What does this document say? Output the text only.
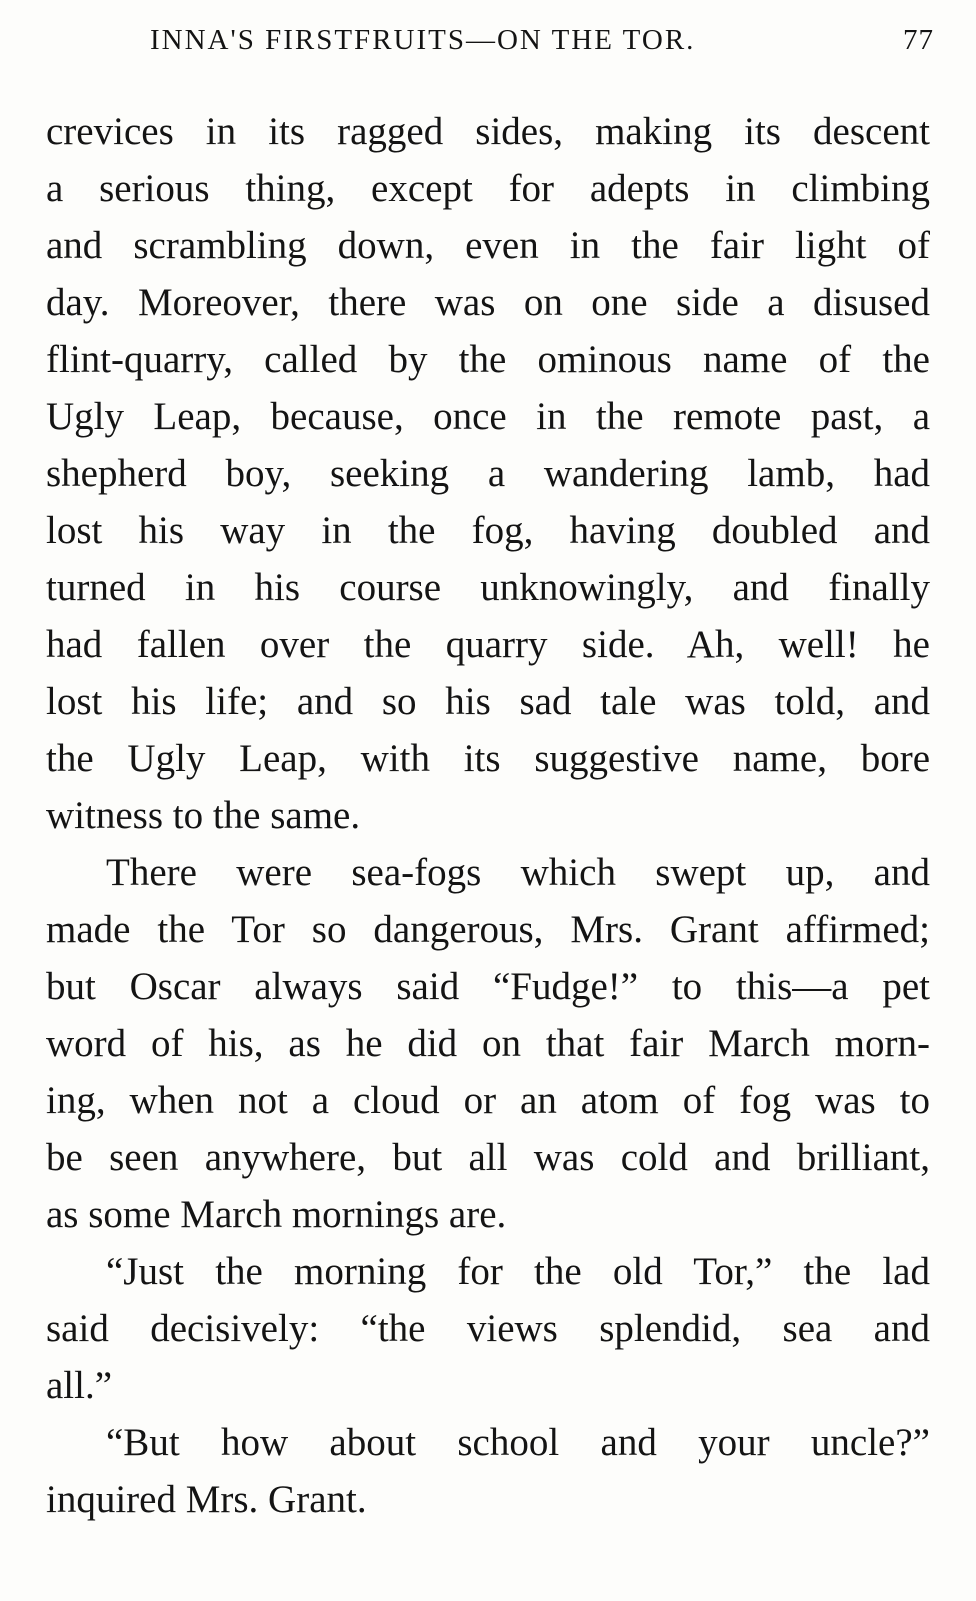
INNA'S FIRSTFRUITS—ON THE TOR.	77
crevices in its ragged sides, making its descent
a serious thing, except for adepts in climbing
and scrambling down, even in the fair light of
day. Moreover, there was on one side a disused
flint-quarry, called by the ominous name of the
Ugly Leap, because, once in the remote past, a
shepherd boy, seeking a wandering lamb, had
lost his way in the fog, having doubled and
turned in his course unknowingly, and finally
had fallen over the quarry side. Ah, well! he
lost his life; and so his sad tale was told, and
the Ugly Leap, with its suggestive name, bore
witness to the same.
There were sea-fogs which swept up, and
made the Tor so dangerous, Mrs. Grant affirmed;
but Oscar always said “Fudge!” to this—a pet
word of his, as he did on that fair March morn-
ing, when not a cloud or an atom of fog was to
be seen anywhere, but all was cold and brilliant,
as some March mornings are.
“Just the morning for the old Tor,” the lad
said decisively: “the views splendid, sea and
all.”
“But how about school and your uncle?”
inquired Mrs. Grant.
